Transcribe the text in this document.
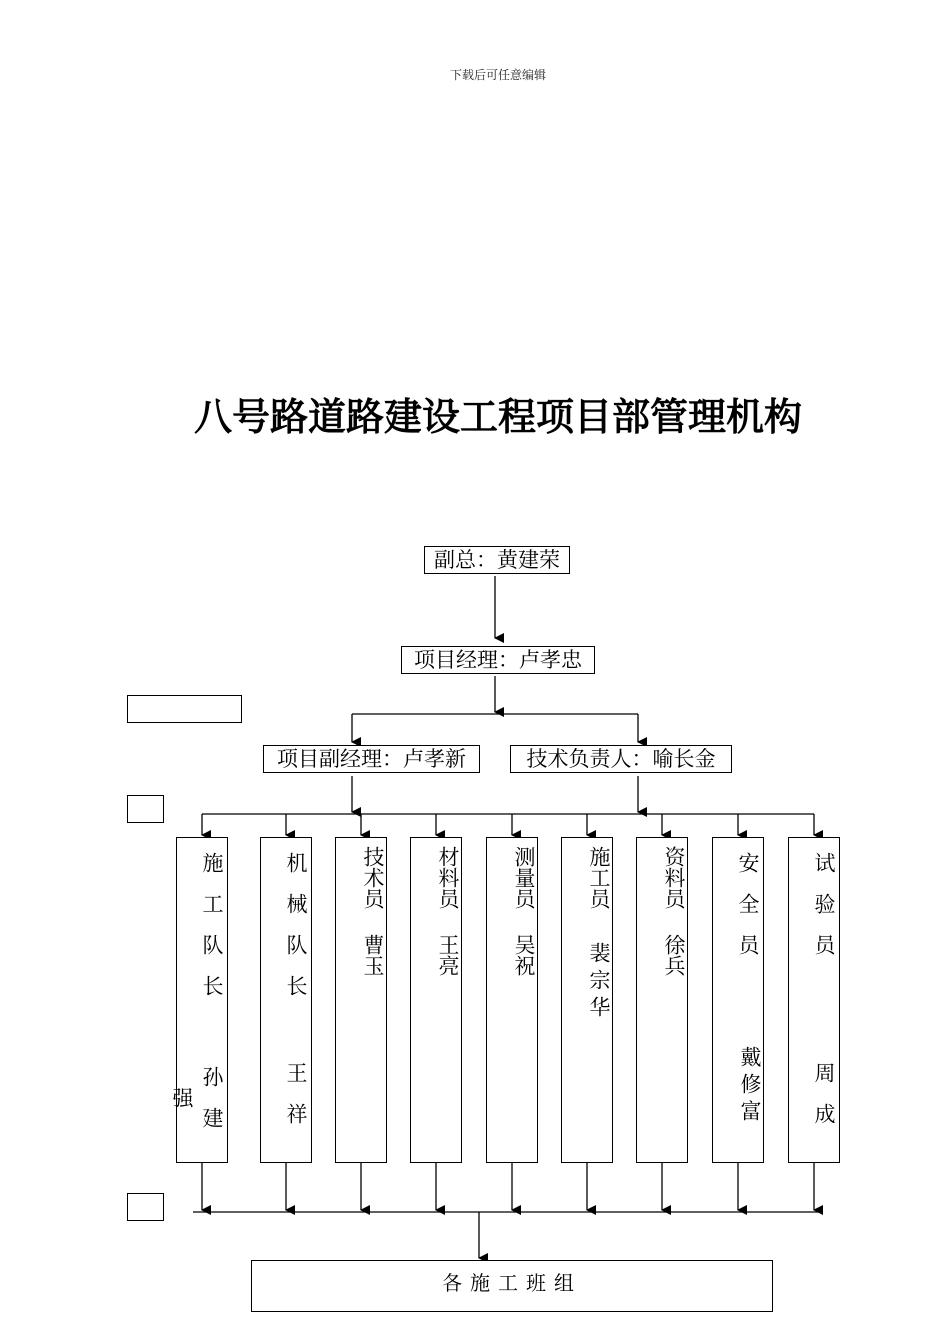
下载后可任意编辑
八号路道路建设工程项目部管理机构
副总：黄建荣
项目经理：卢孝忠
项目副经理：卢孝新	技术负责人：喻长金
施工队长
孙建强
机械队长
王祥
技术员
曹玉
材料员
王亮
测量员
吴祝
施工员
裴宗华
资料员
徐兵	安全员
戴修富
试验员
周成
各施工班组
